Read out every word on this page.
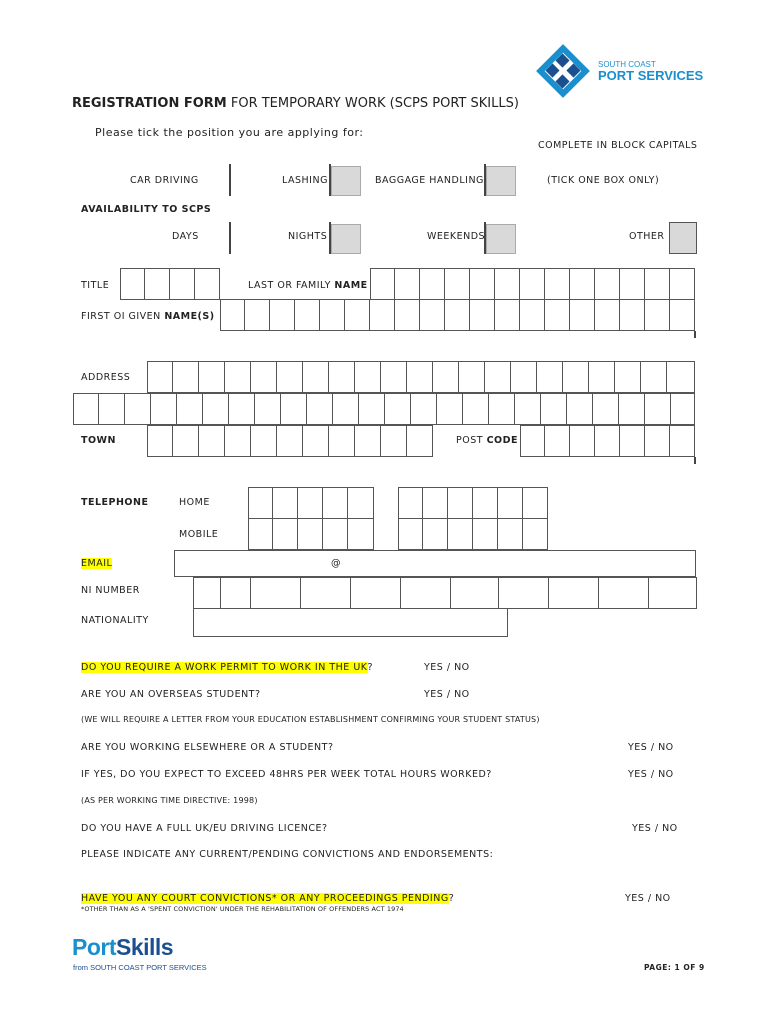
SOUTH COAST
PORT SERVICES
REGISTRATION FORM FOR TEMPORARY WORK (SCPS PORT SKILLS)
Please tick the position you are applying for:
COMPLETE IN BLOCK CAPITALS
CAR DRIVING	LASHING	BAGGAGE HANDLING	(TICK ONE BOX ONLY)
AVAILABILITY TO SCPS
DAYS	NIGHTS	WEEKENDS	OTHER
TITLE	LAST OR FAMILY NAME
FIRST OI GIVEN NAME(S)
ADDRESS
TOWN	POST CODE
TELEPHONE	HOME
MOBILE
EMAIL	@
NI NUMBER
NATIONALITY
DO YOU REQUIRE A WORK PERMIT TO WORK IN THE UK?	YES / NO
ARE YOU AN OVERSEAS STUDENT?	YES / NO
(WE WILL REQUIRE A LETTER FROM YOUR EDUCATION ESTABLISHMENT CONFIRMING YOUR STUDENT STATUS)
ARE YOU WORKING ELSEWHERE OR A STUDENT?	YES / NO
IF YES, DO YOU EXPECT TO EXCEED 48HRS PER WEEK TOTAL HOURS WORKED?	YES / NO
(AS PER WORKING TIME DIRECTIVE: 1998)
DO YOU HAVE A FULL UK/EU DRIVING LICENCE?	YES / NO
PLEASE INDICATE ANY CURRENT/PENDING CONVICTIONS AND ENDORSEMENTS:
HAVE YOU ANY COURT CONVICTIONS* OR ANY PROCEEDINGS PENDING?	YES / NO
*OTHER THAN AS A 'SPENT CONVICTION' UNDER THE REHABILITATION OF OFFENDERS ACT 1974
PortSkills
from SOUTH COAST PORT SERVICES	PAGE: 1 OF 9
